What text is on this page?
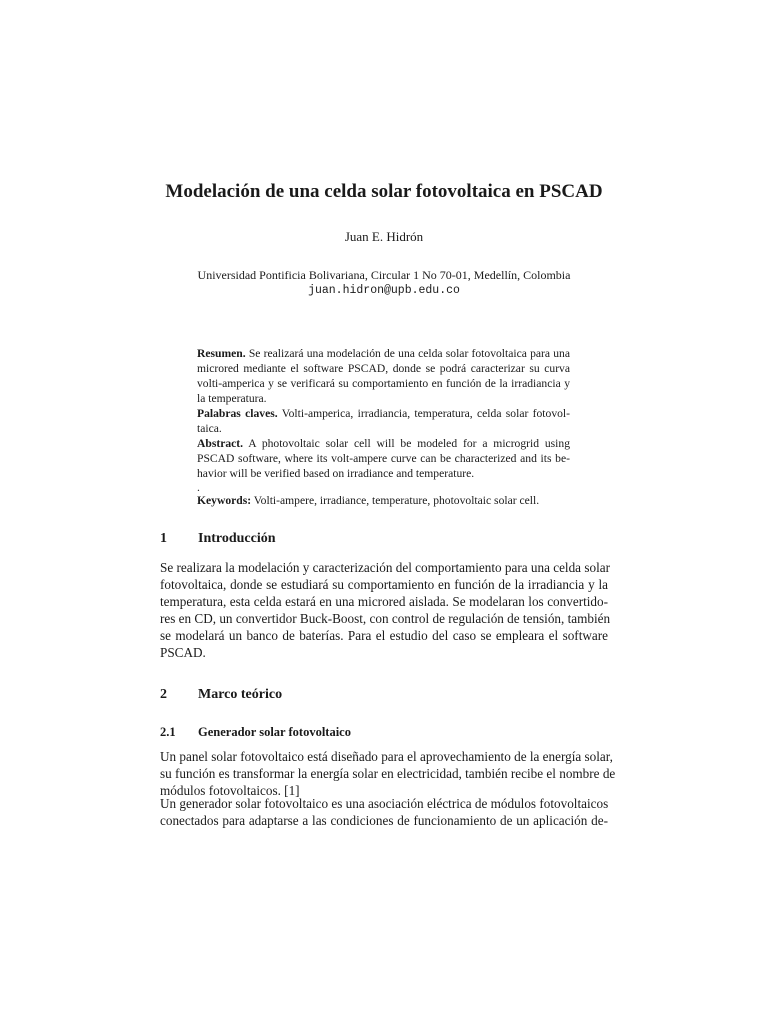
Modelación de una celda solar fotovoltaica en PSCAD
Juan E. Hidrón
Universidad Pontificia Bolivariana, Circular 1 No 70-01, Medellín, Colombia
juan.hidron@upb.edu.co
Resumen. Se realizará una modelación de una celda solar fotovoltaica para una
microred mediante el software PSCAD, donde se podrá caracterizar su curva
volti-amperica y se verificará su comportamiento en función de la irradiancia y
la temperatura.
Palabras claves. Volti-amperica, irradiancia, temperatura, celda solar fotovol-
taica.
Abstract. A photovoltaic solar cell will be modeled for a microgrid using
PSCAD software, where its volt-ampere curve can be characterized and its be-
havior will be verified based on irradiance and temperature.
.
Keywords: Volti-ampere, irradiance, temperature, photovoltaic solar cell.
1 Introducción
Se realizara la modelación y caracterización del comportamiento para una celda solar
fotovoltaica, donde se estudiará su comportamiento en función de la irradiancia y la
temperatura, esta celda estará en una microred aislada. Se modelaran los convertido-
res en CD, un convertidor Buck-Boost, con control de regulación de tensión, también
se modelará un banco de baterías. Para el estudio del caso se empleara el software
PSCAD.
2 Marco teórico
2.1 Generador solar fotovoltaico
Un panel solar fotovoltaico está diseñado para el aprovechamiento de la energía solar,
su función es transformar la energía solar en electricidad, también recibe el nombre de
módulos fotovoltaicos. [1]
Un generador solar fotovoltaico es una asociación eléctrica de módulos fotovoltaicos
conectados para adaptarse a las condiciones de funcionamiento de un aplicación de-
